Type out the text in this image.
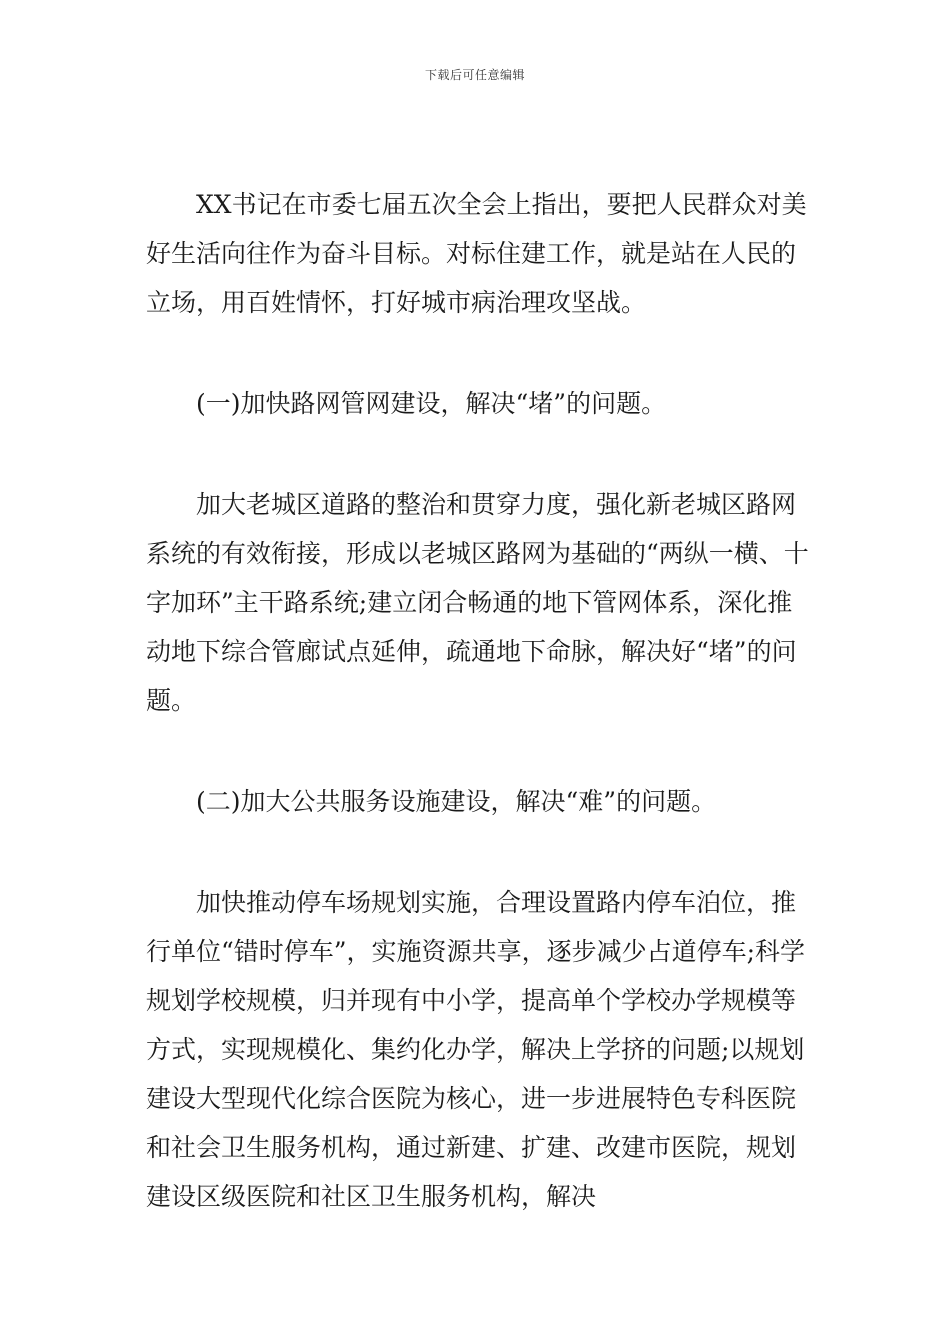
下载后可任意编辑

XX书记在市委七届五次全会上指出，要把人民群众对美好生活向往作为奋斗目标。对标住建工作，就是站在人民的立场，用百姓情怀，打好城市病治理攻坚战。

(一)加快路网管网建设，解决“堵”的问题。

加大老城区道路的整治和贯穿力度，强化新老城区路网系统的有效衔接，形成以老城区路网为基础的“两纵一横、十字加环”主干路系统;建立闭合畅通的地下管网体系，深化推动地下综合管廊试点延伸，疏通地下命脉，解决好“堵”的问题。

(二)加大公共服务设施建设，解决“难”的问题。

加快推动停车场规划实施，合理设置路内停车泊位，推行单位“错时停车”，实施资源共享，逐步减少占道停车;科学规划学校规模，归并现有中小学，提高单个学校办学规模等方式，实现规模化、集约化办学，解决上学挤的问题;以规划建设大型现代化综合医院为核心，进一步进展特色专科医院和社会卫生服务机构，通过新建、扩建、改建市医院，规划建设区级医院和社区卫生服务机构，解决
